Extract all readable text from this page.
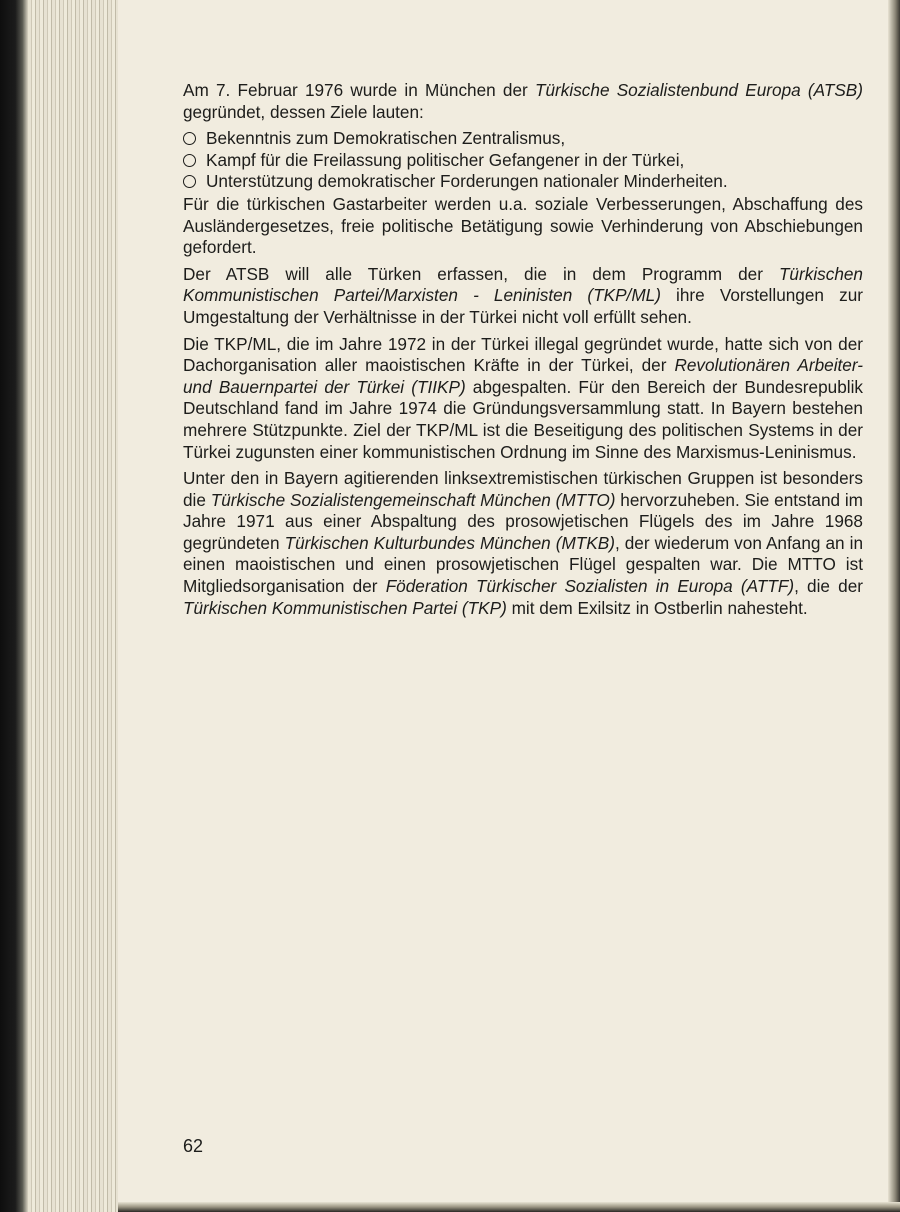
Am 7. Februar 1976 wurde in München der Türkische Sozialistenbund Europa (ATSB) gegründet, dessen Ziele lauten:

Bekenntnis zum Demokratischen Zentralismus,
Kampf für die Freilassung politischer Gefangener in der Türkei,
Unterstützung demokratischer Forderungen nationaler Minderheiten.

Für die türkischen Gastarbeiter werden u.a. soziale Verbesserungen, Abschaffung des Ausländergesetzes, freie politische Betätigung sowie Verhinderung von Abschiebungen gefordert.

Der ATSB will alle Türken erfassen, die in dem Programm der Türkischen Kommunistischen Partei/Marxisten - Leninisten (TKP/ML) ihre Vorstellungen zur Umgestaltung der Verhältnisse in der Türkei nicht voll erfüllt sehen.

Die TKP/ML, die im Jahre 1972 in der Türkei illegal gegründet wurde, hatte sich von der Dachorganisation aller maoistischen Kräfte in der Türkei, der Revolutionären Arbeiter- und Bauernpartei der Türkei (TIIKP) abgespalten. Für den Bereich der Bundesrepublik Deutschland fand im Jahre 1974 die Gründungsversammlung statt. In Bayern bestehen mehrere Stützpunkte. Ziel der TKP/ML ist die Beseitigung des politischen Systems in der Türkei zugunsten einer kommunistischen Ordnung im Sinne des Marxismus-Leninismus.

Unter den in Bayern agitierenden linksextremistischen türkischen Gruppen ist besonders die Türkische Sozialistengemeinschaft München (MTTO) hervorzuheben. Sie entstand im Jahre 1971 aus einer Abspaltung des prosowjetischen Flügels des im Jahre 1968 gegründeten Türkischen Kulturbundes München (MTKB), der wiederum von Anfang an in einen maoistischen und einen prosowjetischen Flügel gespalten war. Die MTTO ist Mitgliedsorganisation der Föderation Türkischer Sozialisten in Europa (ATTF), die der Türkischen Kommunistischen Partei (TKP) mit dem Exilsitz in Ostberlin nahesteht.

62
